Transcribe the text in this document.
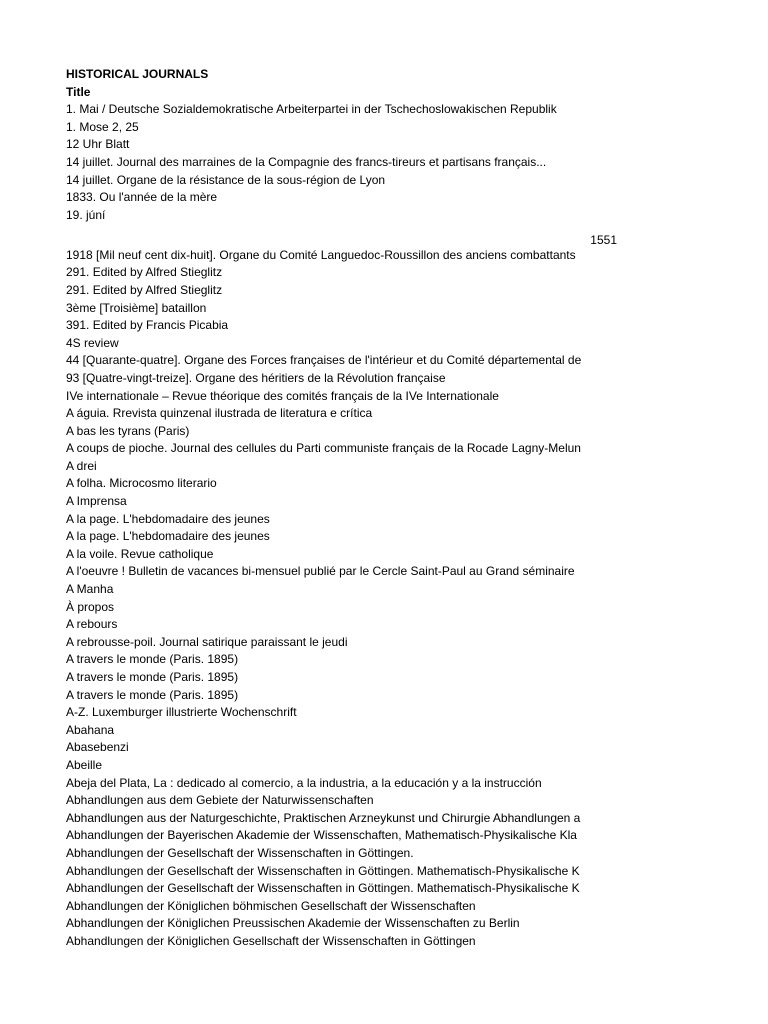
HISTORICAL JOURNALS
Title
1. Mai / Deutsche Sozialdemokratische Arbeiterpartei in der Tschechoslowakischen Republik
1. Mose 2, 25
12 Uhr Blatt
14 juillet. Journal des marraines de la Compagnie des francs-tireurs et partisans français...
14 juillet. Organe de la résistance de la sous-région de Lyon
1833. Ou l'année de la mère
19. júní
1551
1918 [Mil neuf cent dix-huit]. Organe du Comité Languedoc-Roussillon des anciens combattants
291. Edited by Alfred Stieglitz
291. Edited by Alfred Stieglitz
3ème [Troisième] bataillon
391. Edited by Francis Picabia
4S review
44 [Quarante-quatre]. Organe des Forces françaises de l'intérieur et du Comité départemental de
93 [Quatre-vingt-treize]. Organe des héritiers de la Révolution française
IVe internationale – Revue théorique des comités français de la IVe Internationale
A águia. Rrevista quinzenal ilustrada de literatura e crítica
A bas les tyrans (Paris)
A coups de pioche. Journal des cellules du Parti communiste français de la Rocade Lagny-Melun
A drei
A folha. Microcosmo literario
A Imprensa
A la page. L'hebdomadaire des jeunes
A la page. L'hebdomadaire des jeunes
A la voile. Revue catholique
A l'oeuvre ! Bulletin de vacances bi-mensuel publié par le Cercle Saint-Paul au Grand séminaire
A Manha
À propos
A rebours
A rebrousse-poil. Journal satirique paraissant le jeudi
A travers le monde (Paris. 1895)
A travers le monde (Paris. 1895)
A travers le monde (Paris. 1895)
A-Z. Luxemburger illustrierte Wochenschrift
Abahana
Abasebenzi
Abeille
Abeja del Plata, La : dedicado al comercio, a la industria, a la educación y a la instrucción
Abhandlungen aus dem Gebiete der Naturwissenschaften
Abhandlungen aus der Naturgeschichte, Praktischen Arzneykunst und Chirurgie Abhandlungen a
Abhandlungen der Bayerischen Akademie der Wissenschaften, Mathematisch-Physikalische Kla
Abhandlungen der Gesellschaft der Wissenschaften in Göttingen.
Abhandlungen der Gesellschaft der Wissenschaften in Göttingen. Mathematisch-Physikalische K
Abhandlungen der Gesellschaft der Wissenschaften in Göttingen. Mathematisch-Physikalische K
Abhandlungen der Königlichen böhmischen Gesellschaft der Wissenschaften
Abhandlungen der Königlichen Preussischen Akademie der Wissenschaften zu Berlin
Abhandlungen der Königlichen Gesellschaft der Wissenschaften in Göttingen
